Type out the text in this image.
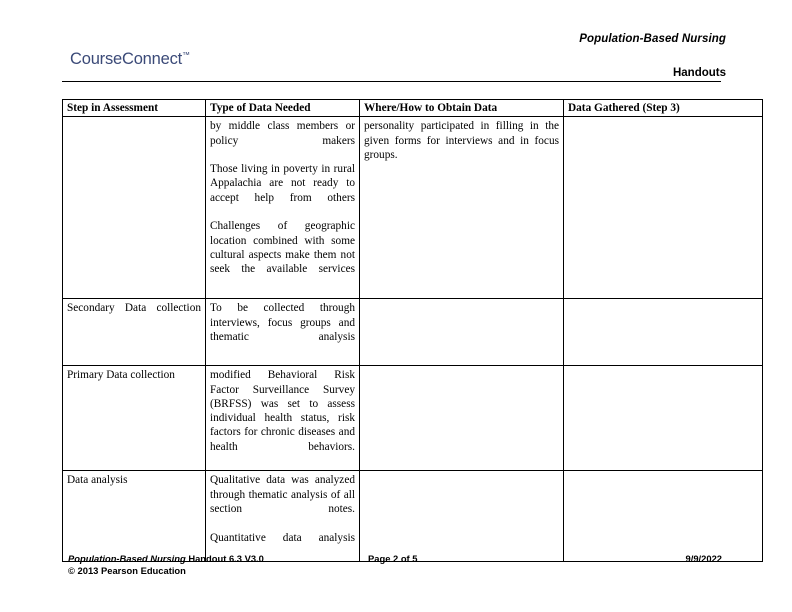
Population-Based Nursing
CourseConnect™
Handouts
Step in Assessment	Type of Data Needed	Where/How to Obtain Data	Data Gathered (Step 3)

	by middle class members or policy makers

Those living in poverty in rural Appalachia are not ready to accept help from others

Challenges of geographic location combined with some cultural aspects make them not seek the available services	personality participated in filling in the given forms for interviews and in focus groups.	

Secondary Data collection	To be collected through interviews, focus groups and thematic analysis		

Primary Data collection	modified Behavioral Risk Factor Surveillance Survey (BRFSS) was set to assess individual health status, risk factors for chronic diseases and health behaviors.		

Data analysis	Qualitative data was analyzed through thematic analysis of all section notes.

Quantitative data analysis		

Population-Based Nursing Handout 6.3 V3.0	Page 2 of 5	9/9/2022
© 2013 Pearson Education
